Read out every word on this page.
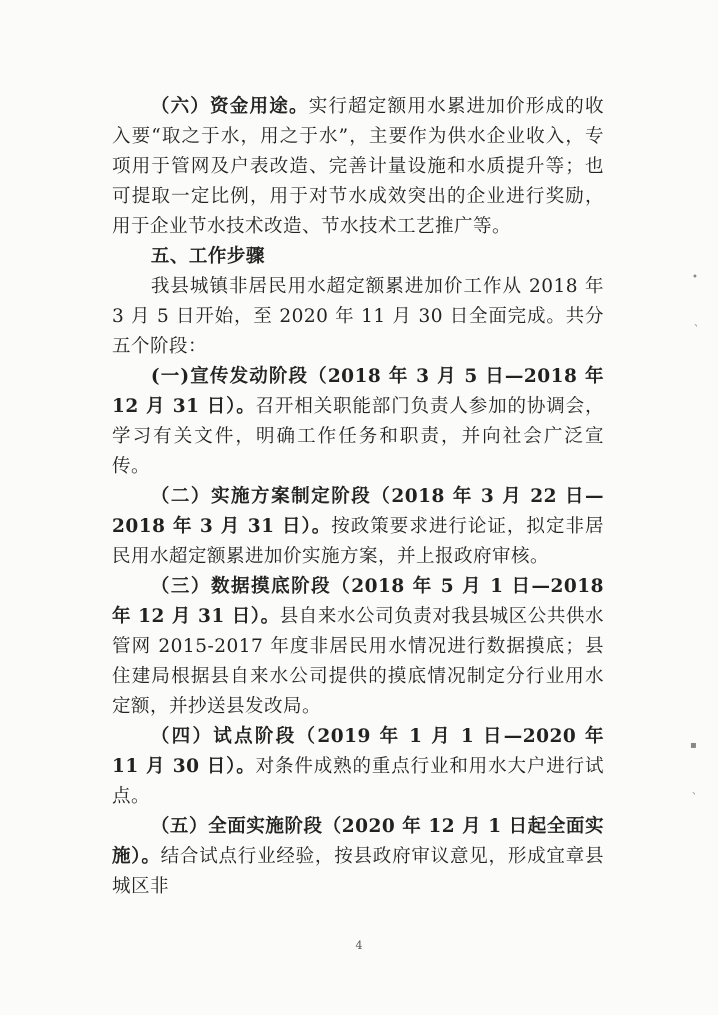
（六）资金用途。实行超定额用水累进加价形成的收入要“取之于水，用之于水”，主要作为供水企业收入，专项用于管网及户表改造、完善计量设施和水质提升等；也可提取一定比例，用于对节水成效突出的企业进行奖励，用于企业节水技术改造、节水技术工艺推广等。

五、工作步骤

我县城镇非居民用水超定额累进加价工作从 2018 年 3 月 5 日开始，至 2020 年 11 月 30 日全面完成。共分五个阶段：

(一)宣传发动阶段（2018 年 3 月 5 日—2018 年 12 月 31 日）。召开相关职能部门负责人参加的协调会，学习有关文件，明确工作任务和职责，并向社会广泛宣传。

（二）实施方案制定阶段（2018 年 3 月 22 日—2018 年 3 月 31 日）。按政策要求进行论证，拟定非居民用水超定额累进加价实施方案，并上报政府审核。

（三）数据摸底阶段（2018 年 5 月 1 日—2018 年 12 月 31 日）。县自来水公司负责对我县城区公共供水管网 2015-2017 年度非居民用水情况进行数据摸底；县住建局根据县自来水公司提供的摸底情况制定分行业用水定额，并抄送县发改局。

（四）试点阶段（2019 年 1 月 1 日—2020 年 11 月 30 日）。对条件成熟的重点行业和用水大户进行试点。

（五）全面实施阶段（2020 年 12 月 1 日起全面实施）。结合试点行业经验，按县政府审议意见，形成宜章县城区非

4
•
、
▪
、
